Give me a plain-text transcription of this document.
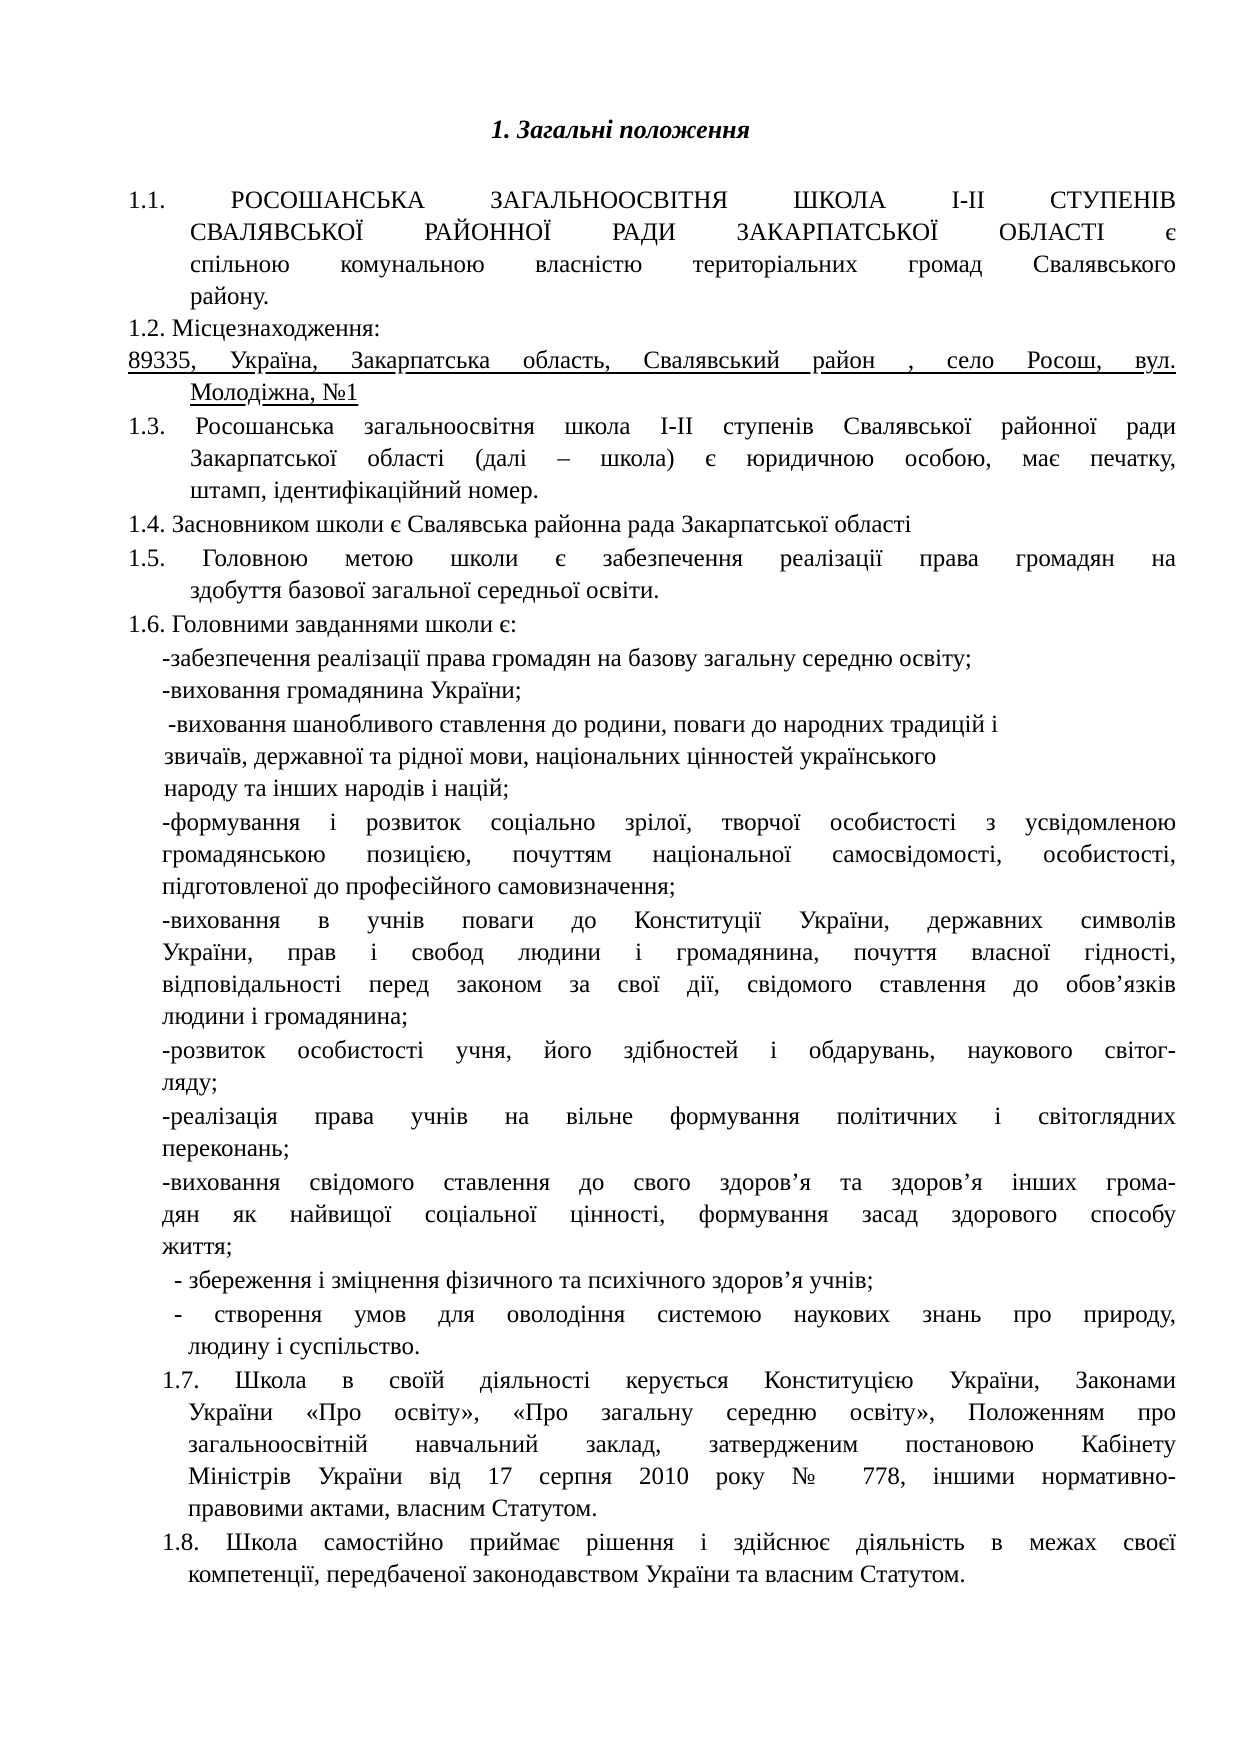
1. Загальні положення
1.1. РОСОШАНСЬКА ЗАГАЛЬНООСВІТНЯ ШКОЛА І-ІІ СТУПЕНІВ
СВАЛЯВСЬКОЇ РАЙОННОЇ РАДИ ЗАКАРПАТСЬКОЇ ОБЛАСТІ є
спільною комунальною власністю територіальних громад Свалявського
району.
1.2. Місцезнаходження:
89335, Україна, Закарпатська область, Свалявський район , село Росош, вул.
Молодіжна, №1
1.3. Росошанська загальноосвітня школа І-ІІ ступенів Свалявської районної ради
Закарпатської області (далі – школа) є юридичною особою, має печатку,
штамп, ідентифікаційний номер.
1.4. Засновником школи є Свалявська районна рада Закарпатської області
1.5. Головною метою школи є забезпечення реалізації права громадян на
здобуття базової загальної середньої освіти.
1.6. Головними завданнями школи є:
-забезпечення реалізації права громадян на базову загальну середню освіту;
-виховання громадянина України;
-виховання шанобливого ставлення до родини, поваги до народних традицій і
звичаїв, державної та рідної мови, національних цінностей українського
народу та інших народів і націй;
-формування і розвиток соціально зрілої, творчої особистості з усвідомленою
громадянською позицією, почуттям національної самосвідомості, особистості,
підготовленої до професійного самовизначення;
-виховання в учнів поваги до Конституції України, державних символів
України, прав і свобод людини і громадянина, почуття власної гідності,
відповідальності перед законом за свої дії, свідомого ставлення до обов’язків
людини і громадянина;
-розвиток особистості учня, його здібностей і обдарувань, наукового світог-
ляду;
-реалізація права учнів на вільне формування політичних і світоглядних
переконань;
-виховання свідомого ставлення до свого здоров’я та здоров’я інших грома-
дян як найвищої соціальної цінності, формування засад здорового способу
життя;
- збереження і зміцнення фізичного та психічного здоров’я учнів;
- створення умов для оволодіння системою наукових знань про природу,
людину і суспільство.
1.7. Школа в своїй діяльності керується Конституцією України, Законами
України «Про освіту», «Про загальну середню освіту», Положенням про
загальноосвітній навчальний заклад, затвердженим постановою Кабінету
Міністрів України від 17 серпня 2010 року № 778, іншими нормативно-
правовими актами, власним Статутом.
1.8. Школа самостійно приймає рішення і здійснює діяльність в межах своєї
компетенції, передбаченої законодавством України та власним Статутом.
